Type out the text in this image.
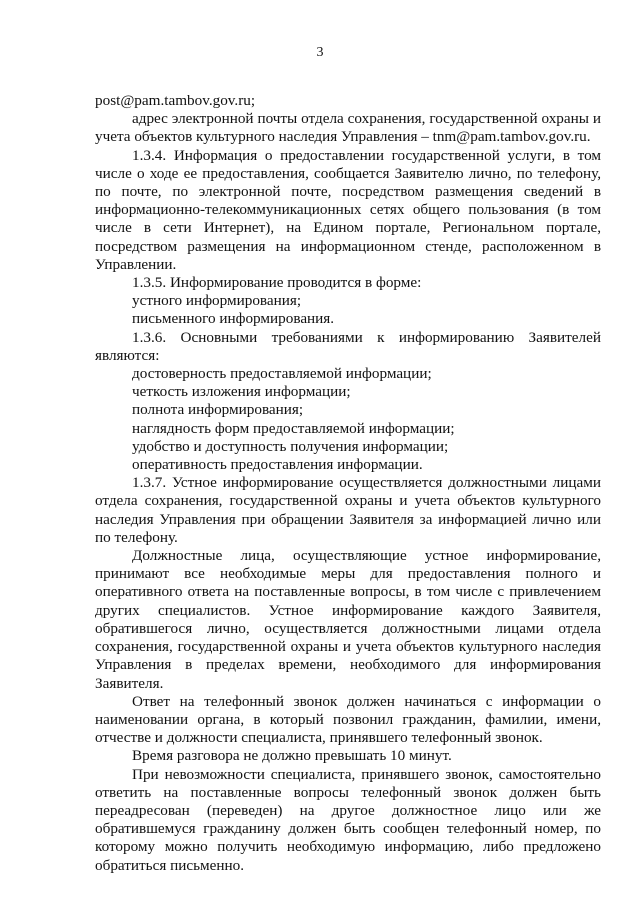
3

post@pam.tambov.gov.ru;

адрес электронной почты отдела сохранения, государственной охраны и учета объектов культурного наследия Управления – tnm@pam.tambov.gov.ru.

1.3.4. Информация о предоставлении государственной услуги, в том числе о ходе ее предоставления, сообщается Заявителю лично, по телефону, по почте, по электронной почте, посредством размещения сведений в информационно-телекоммуникационных сетях общего пользования (в том числе в сети Интернет), на Едином портале, Региональном портале, посредством размещения на информационном стенде, расположенном в Управлении.

1.3.5. Информирование проводится в форме:

устного информирования;

письменного информирования.

1.3.6. Основными требованиями к информированию Заявителей являются:

достоверность предоставляемой информации;

четкость изложения информации;

полнота информирования;

наглядность форм предоставляемой информации;

удобство и доступность получения информации;

оперативность предоставления информации.

1.3.7. Устное информирование осуществляется должностными лицами отдела сохранения, государственной охраны и учета объектов культурного наследия Управления при обращении Заявителя за информацией лично или по телефону.

Должностные лица, осуществляющие устное информирование, принимают все необходимые меры для предоставления полного и оперативного ответа на поставленные вопросы, в том числе с привлечением других специалистов. Устное информирование каждого Заявителя, обратившегося лично, осуществляется должностными лицами отдела сохранения, государственной охраны и учета объектов культурного наследия Управления в пределах времени, необходимого для информирования Заявителя.

Ответ на телефонный звонок должен начинаться с информации о наименовании органа, в который позвонил гражданин, фамилии, имени, отчестве и должности специалиста, принявшего телефонный звонок.

Время разговора не должно превышать 10 минут.

При невозможности специалиста, принявшего звонок, самостоятельно ответить на поставленные вопросы телефонный звонок должен быть переадресован (переведен) на другое должностное лицо или же обратившемуся гражданину должен быть сообщен телефонный номер, по которому можно получить необходимую информацию, либо предложено обратиться письменно.
